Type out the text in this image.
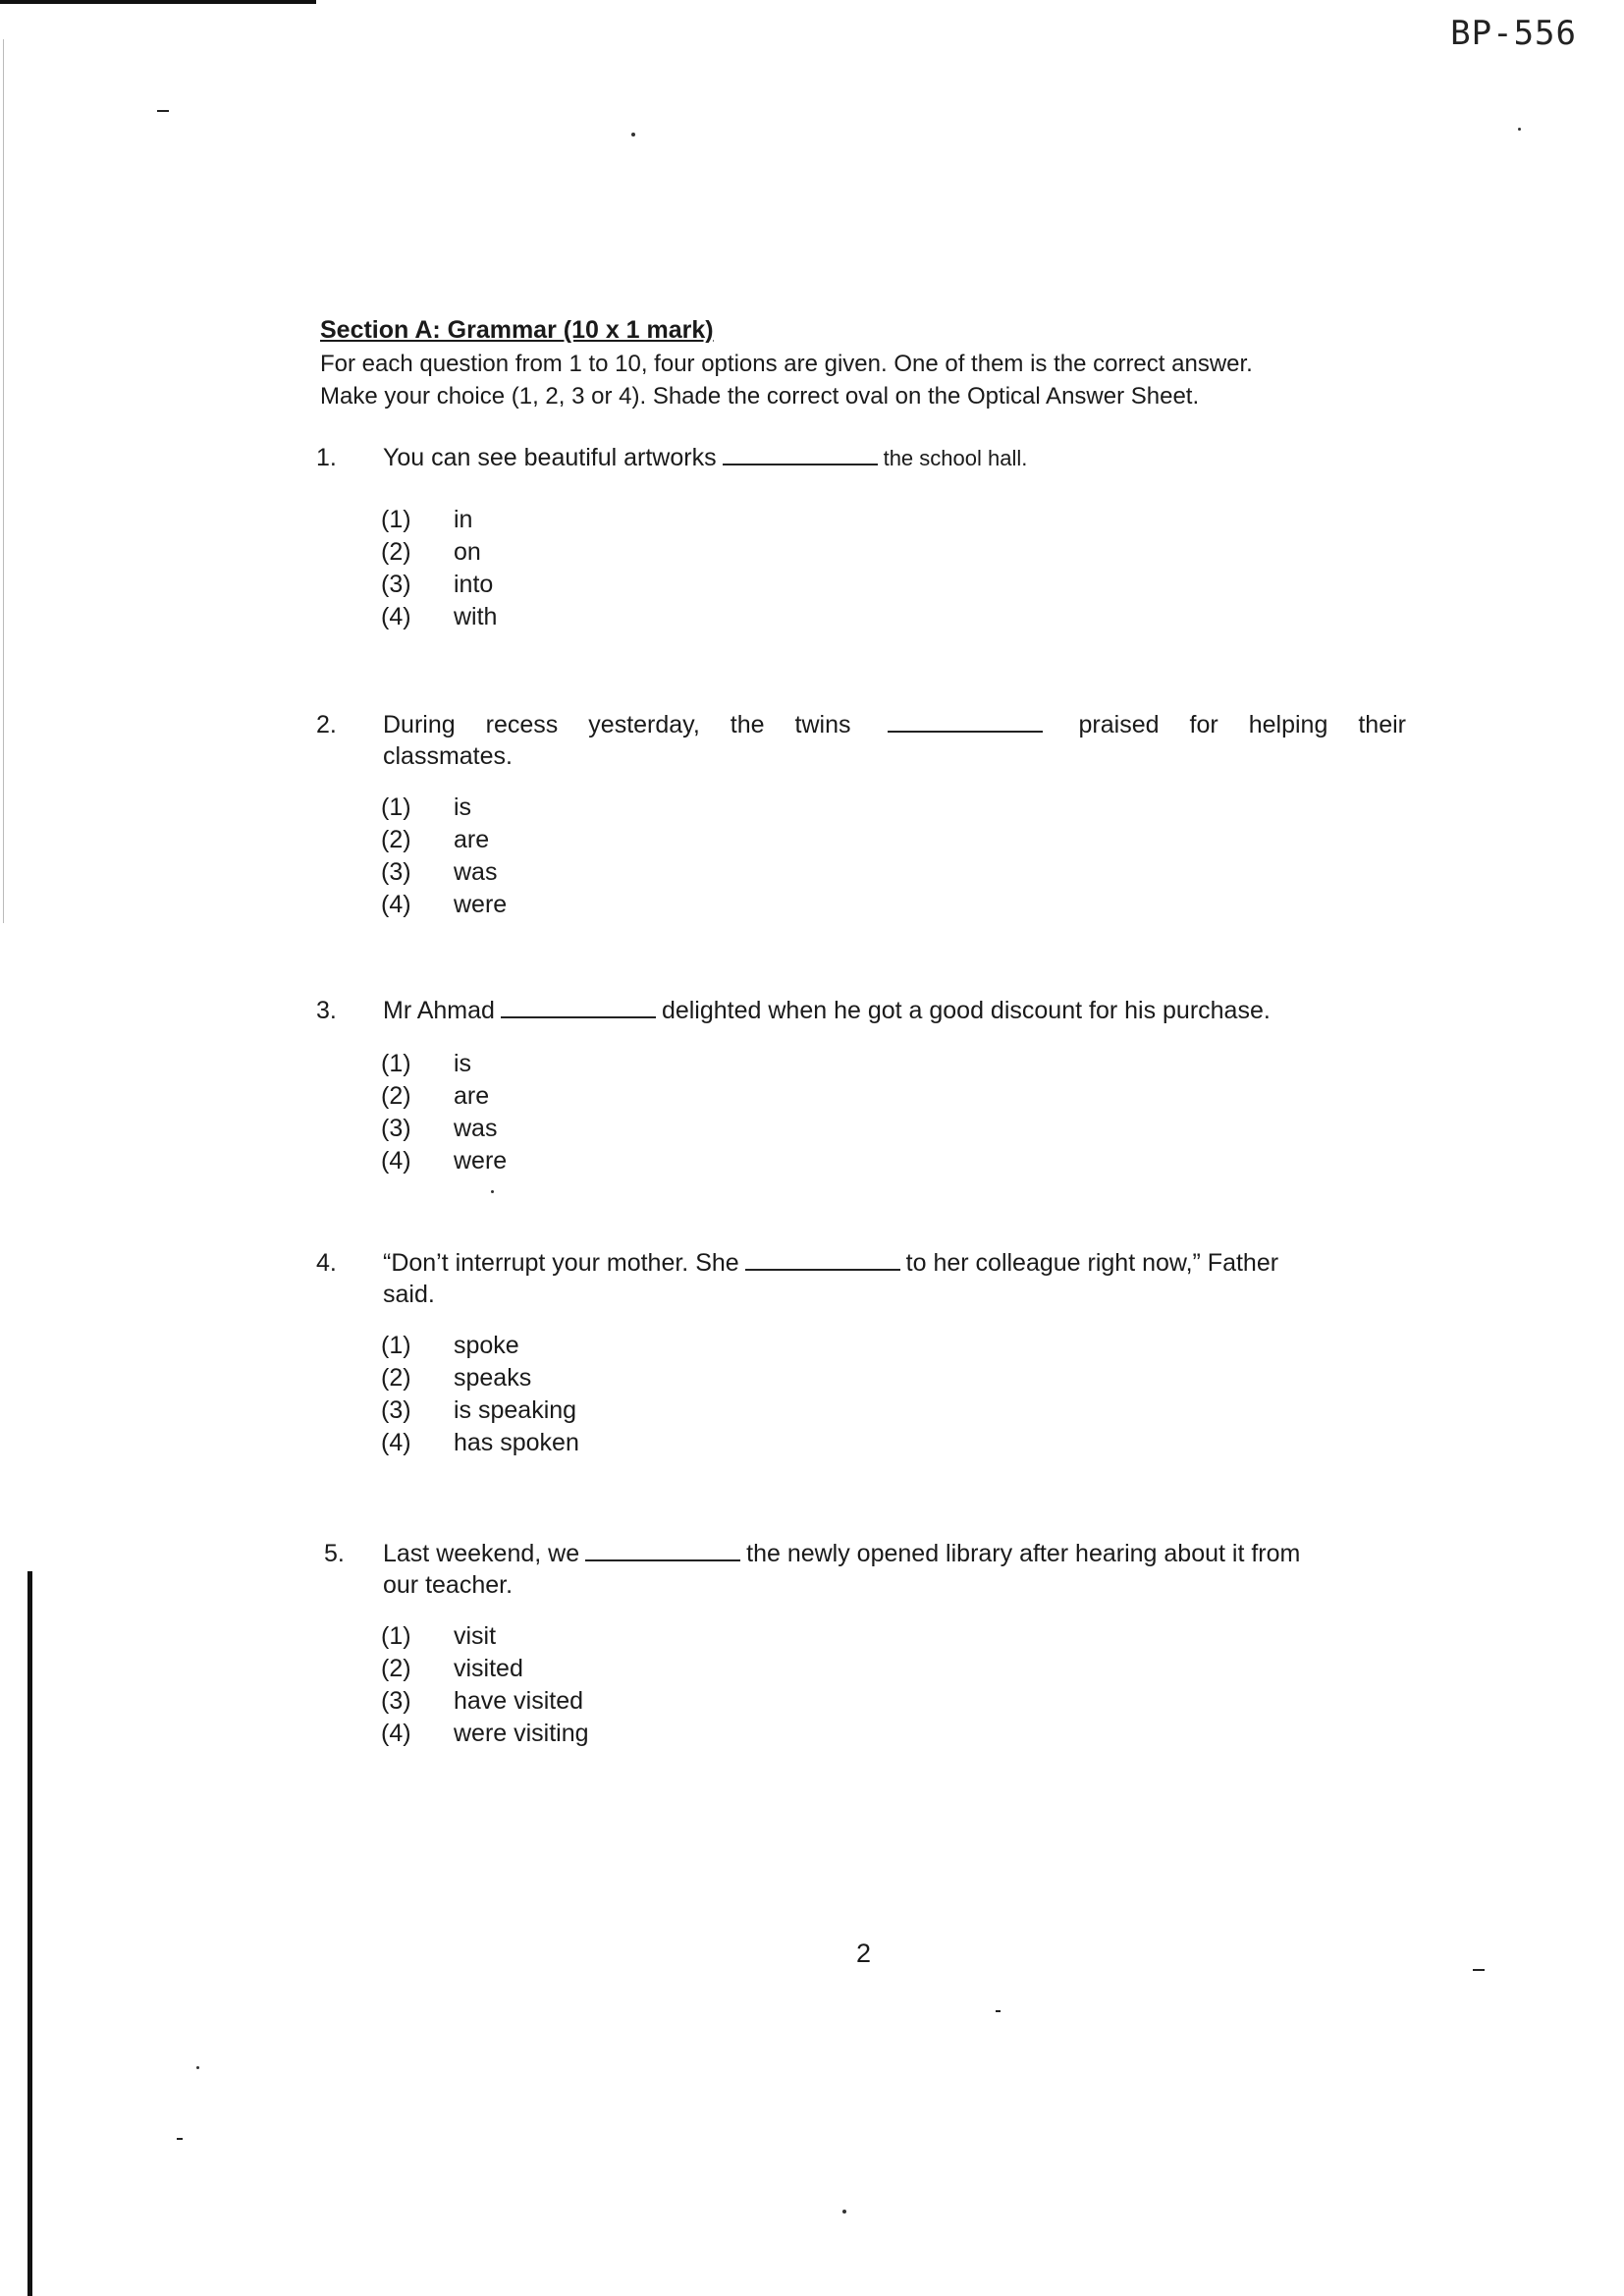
BP-556
Section A: Grammar (10 x 1 mark)
For each question from 1 to 10, four options are given. One of them is the correct answer.
Make your choice (1, 2, 3 or 4). Shade the correct oval on the Optical Answer Sheet.
1.	You can see beautiful artworks	the school hall.
(1)	in
(2)	on
(3)	into
(4)	with
2.	During recess yesterday, the twins	praised for helping their
classmates.
(1)	is
(2)	are
(3)	was
(4)	were
3.	Mr Ahmad	delighted when he got a good discount for his purchase.
(1)	is
(2)	are
(3)	was
(4)	were
4.	“Don’t interrupt your mother. She	to her colleague right now,” Father
said.
(1)	spoke
(2)	speaks
(3)	is speaking
(4)	has spoken
5.	Last weekend, we	the newly opened library after hearing about it from
our teacher.
(1)	visit
(2)	visited
(3)	have visited
(4)	were visiting
2
